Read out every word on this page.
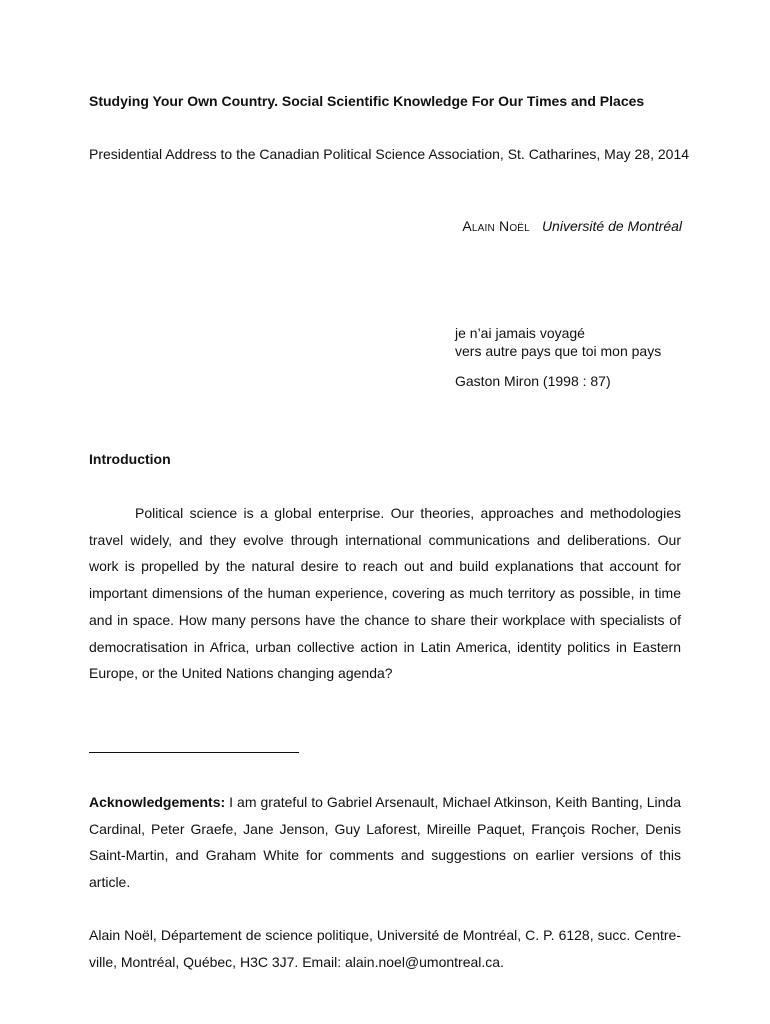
Studying Your Own Country. Social Scientific Knowledge For Our Times and Places
Presidential Address to the Canadian Political Science Association, St. Catharines, May 28, 2014
Alain Noël Université de Montréal
je n’ai jamais voyagé
vers autre pays que toi mon pays
Gaston Miron (1998 : 87)
Introduction

Political science is a global enterprise. Our theories, approaches and methodologies travel widely, and they evolve through international communications and deliberations. Our work is propelled by the natural desire to reach out and build explanations that account for important dimensions of the human experience, covering as much territory as possible, in time and in space. How many persons have the chance to share their workplace with specialists of democratisation in Africa, urban collective action in Latin America, identity politics in Eastern Europe, or the United Nations changing agenda?

Acknowledgements: I am grateful to Gabriel Arsenault, Michael Atkinson, Keith Banting, Linda Cardinal, Peter Graefe, Jane Jenson, Guy Laforest, Mireille Paquet, François Rocher, Denis Saint-Martin, and Graham White for comments and suggestions on earlier versions of this article.

Alain Noël, Département de science politique, Université de Montréal, C. P. 6128, succ. Centre-ville, Montréal, Québec, H3C 3J7. Email: alain.noel@umontreal.ca.
